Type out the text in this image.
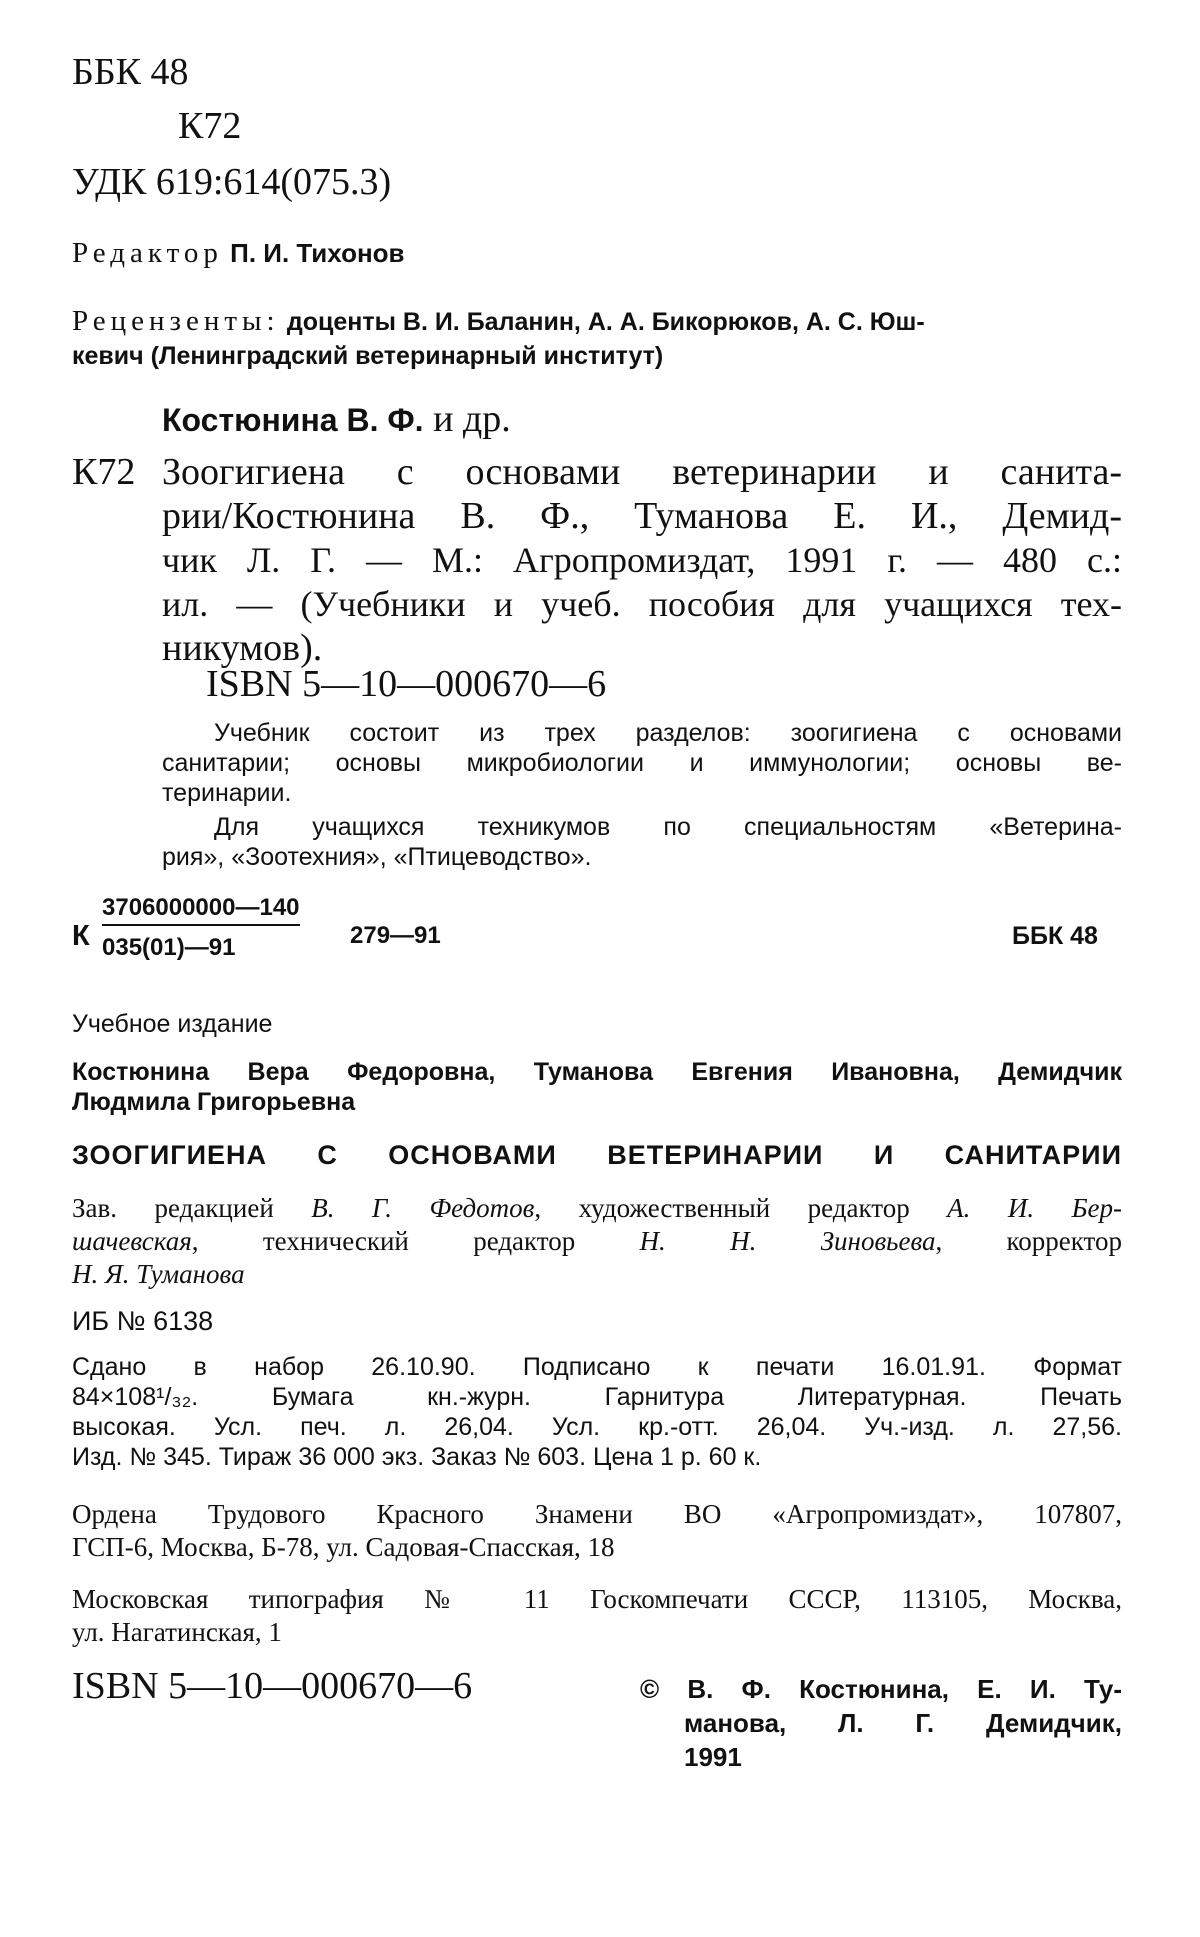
ББК 48
К72
УДК 619:614(075.3)
Редактор П. И. Тихонов
Рецензенты: доценты В. И. Баланин, А. А. Бикорюков, А. С. Юш-
кевич (Ленинградский ветеринарный институт)
Костюнина В. Ф. и др.
К72 Зоогигиена с основами ветеринарии и санита-
рии/Костюнина В. Ф., Туманова Е. И., Демид-
чик Л. Г. — М.: Агропромиздат, 1991 г. — 480 с.:
ил. — (Учебники и учеб. пособия для учащихся тех-
никумов).
ISBN 5—10—000670—6
Учебник состоит из трех разделов: зоогигиена с основами
санитарии; основы микробиологии и иммунологии; основы ве-
теринарии.
Для учащихся техникумов по специальностям «Ветерина-
рия», «Зоотехния», «Птицеводство».
К $\frac{3706000000—140}{035(01)—91}$ 279—91	ББК 48
Учебное издание
Костюнина Вера Федоровна, Туманова Евгения Ивановна, Демидчик
Людмила Григорьевна
ЗООГИГИЕНА С ОСНОВАМИ ВЕТЕРИНАРИИ И САНИТАРИИ
Зав. редакцией В. Г. Федотов, художественный редактор А. И. Бер-
шачевская, технический редактор Н. Н. Зиновьева, корректор
Н. Я. Туманова
ИБ № 6138
Сдано в набор 26.10.90. Подписано к печати 16.01.91. Формат
84×108¹/₃₂. Бумага кн.-журн. Гарнитура Литературная. Печать
высокая. Усл. печ. л. 26,04. Усл. кр.-отт. 26,04. Уч.-изд. л. 27,56.
Изд. № 345. Тираж 36 000 экз. Заказ № 603. Цена 1 р. 60 к.
Ордена Трудового Красного Знамени ВО «Агропромиздат», 107807,
ГСП-6, Москва, Б-78, ул. Садовая-Спасская, 18
Московская типография № 11 Госкомпечати СССР, 113105, Москва,
ул. Нагатинская, 1
ISBN 5—10—000670—6	© В. Ф. Костюнина, Е. И. Ту-
манова, Л. Г. Демидчик,
1991
